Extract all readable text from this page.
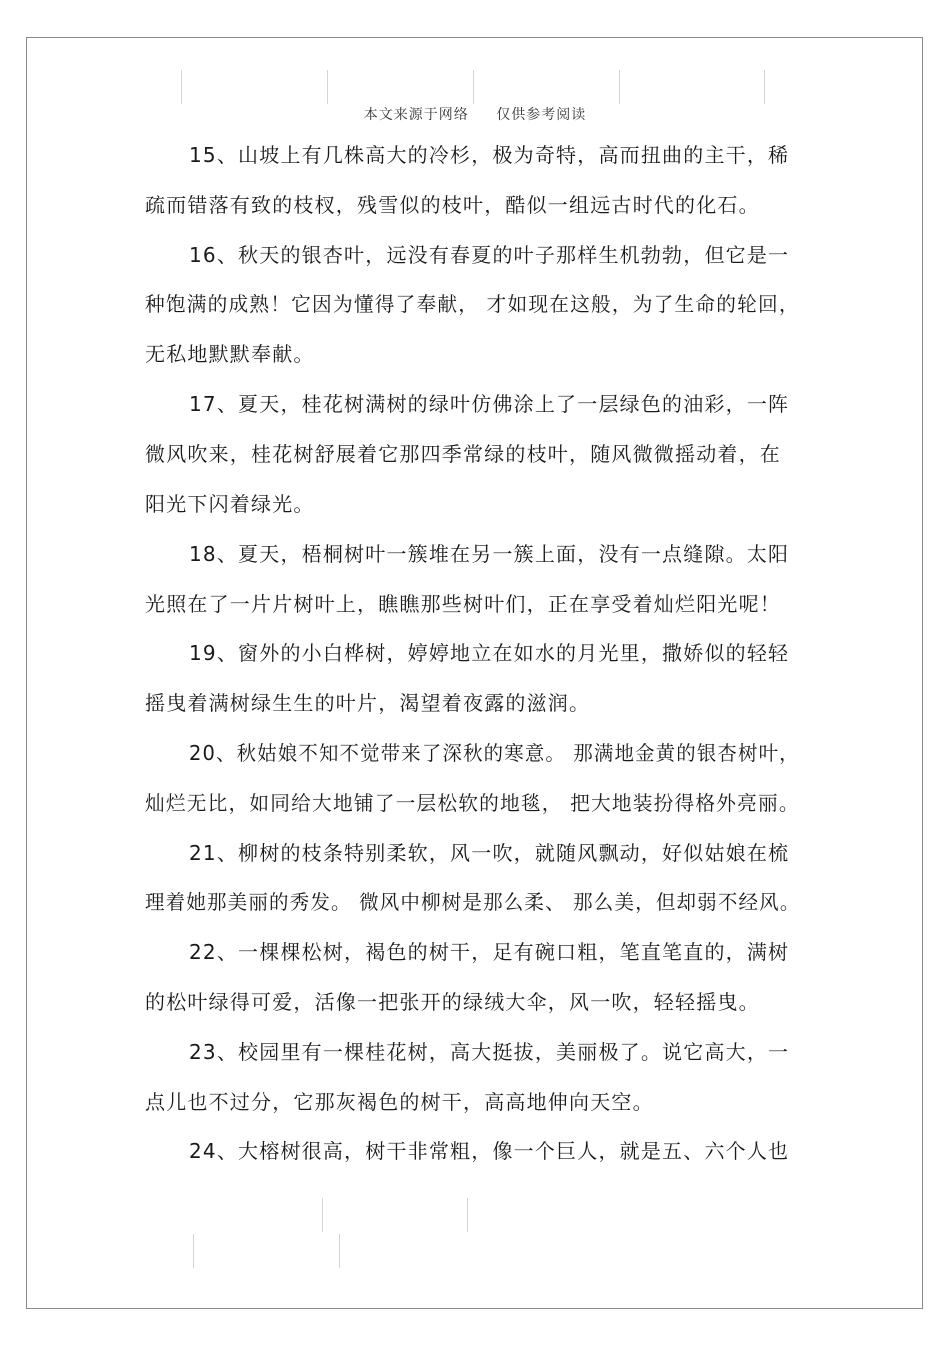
本文来源于网络 仅供参考阅读
15、山坡上有几株高大的冷杉，极为奇特，高而扭曲的主干，稀
疏而错落有致的枝杈，残雪似的枝叶，酷似一组远古时代的化石。
16、秋天的银杏叶，远没有春夏的叶子那样生机勃勃，但它是一
种饱满的成熟！它因为懂得了奉献， 才如现在这般，为了生命的轮回，
无私地默默奉献。
17、夏天，桂花树满树的绿叶仿佛涂上了一层绿色的油彩，一阵
微风吹来，桂花树舒展着它那四季常绿的枝叶，随风微微摇动着，在
阳光下闪着绿光。
18、夏天，梧桐树叶一簇堆在另一簇上面，没有一点缝隙。太阳
光照在了一片片树叶上，瞧瞧那些树叶们，正在享受着灿烂阳光呢！
19、窗外的小白桦树，婷婷地立在如水的月光里，撒娇似的轻轻
摇曳着满树绿生生的叶片，渴望着夜露的滋润。
20、秋姑娘不知不觉带来了深秋的寒意。 那满地金黄的银杏树叶，
灿烂无比，如同给大地铺了一层松软的地毯， 把大地装扮得格外亮丽。
21、柳树的枝条特别柔软，风一吹，就随风飘动，好似姑娘在梳
理着她那美丽的秀发。 微风中柳树是那么柔、 那么美，但却弱不经风。
22、一棵棵松树，褐色的树干，足有碗口粗，笔直笔直的，满树
的松叶绿得可爱，活像一把张开的绿绒大伞，风一吹，轻轻摇曳。
23、校园里有一棵桂花树，高大挺拔，美丽极了。说它高大，一
点儿也不过分，它那灰褐色的树干，高高地伸向天空。
24、大榕树很高，树干非常粗，像一个巨人，就是五、六个人也
